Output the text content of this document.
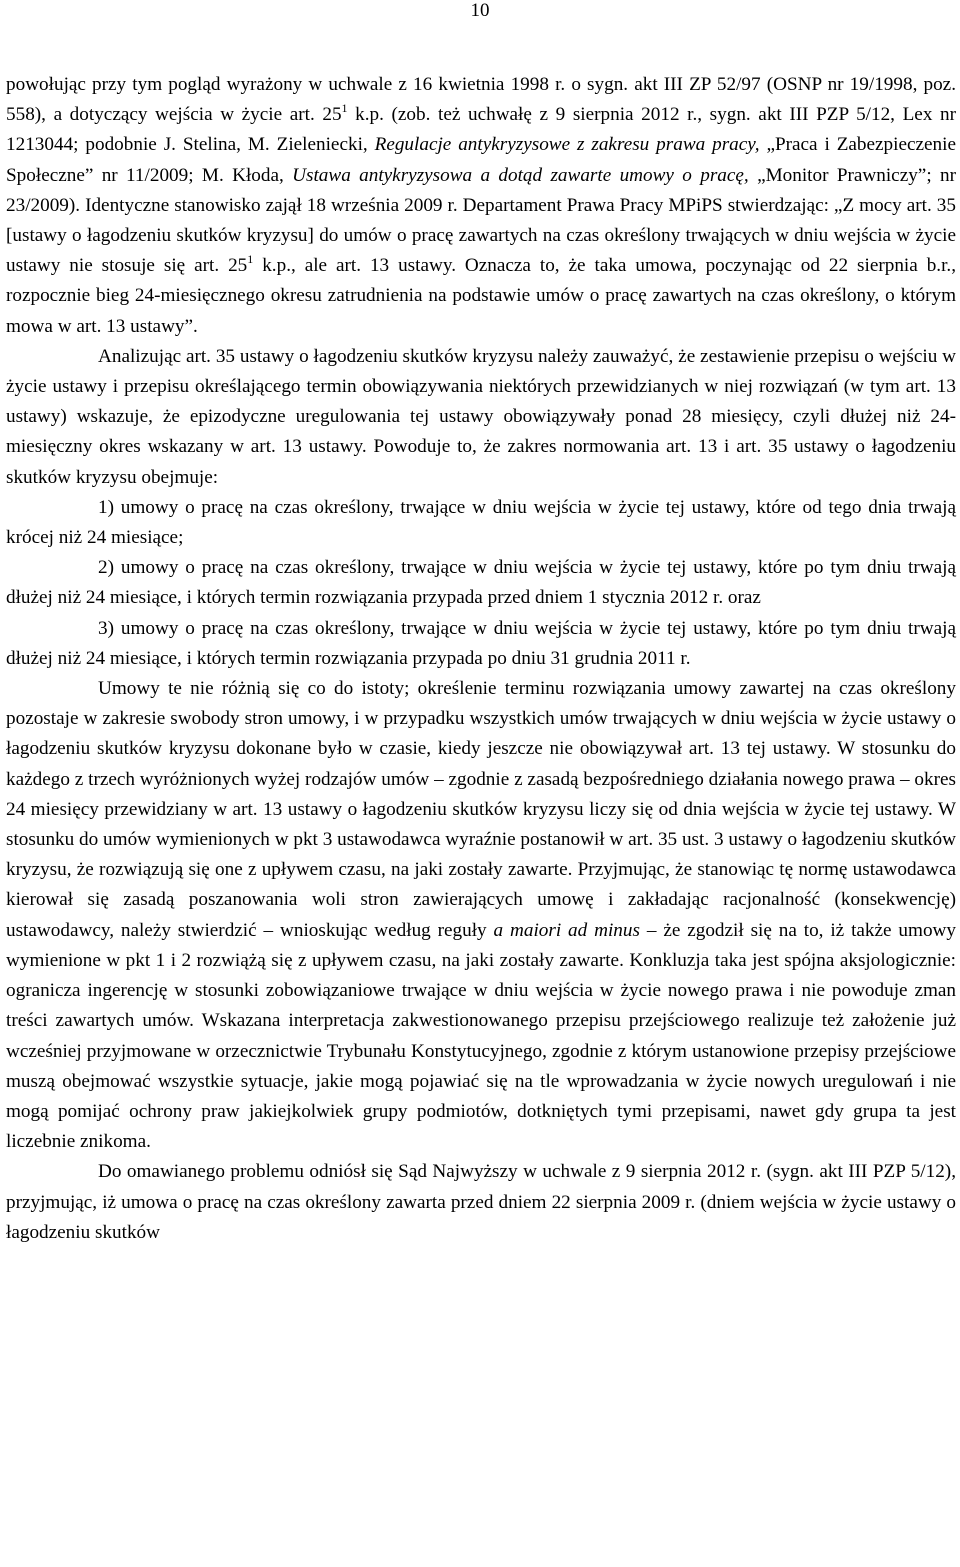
10

powołując przy tym pogląd wyrażony w uchwale z 16 kwietnia 1998 r. o sygn. akt III ZP 52/97 (OSNP nr 19/1998, poz. 558), a dotyczący wejścia w życie art. $25^1$ k.p. (zob. też uchwałę z 9 sierpnia 2012 r., sygn. akt III PZP 5/12, Lex nr 1213044; podobnie J. Stelina, M. Zieleniecki, Regulacje antykryzysowe z zakresu prawa pracy, „Praca i Zabezpieczenie Społeczne” nr 11/2009; M. Kłoda, Ustawa antykryzysowa a dotąd zawarte umowy o pracę, „Monitor Prawniczy”; nr 23/2009). Identyczne stanowisko zajął 18 września 2009 r. Departament Prawa Pracy MPiPS stwierdzając: „Z mocy art. 35 [ustawy o łagodzeniu skutków kryzysu] do umów o pracę zawartych na czas określony trwających w dniu wejścia w życie ustawy nie stosuje się art. $25^1$ k.p., ale art. 13 ustawy. Oznacza to, że taka umowa, poczynając od 22 sierpnia b.r., rozpocznie bieg 24-miesięcznego okresu zatrudnienia na podstawie umów o pracę zawartych na czas określony, o którym mowa w art. 13 ustawy”.

Analizując art. 35 ustawy o łagodzeniu skutków kryzysu należy zauważyć, że zestawienie przepisu o wejściu w życie ustawy i przepisu określającego termin obowiązywania niektórych przewidzianych w niej rozwiązań (w tym art. 13 ustawy) wskazuje, że epizodyczne uregulowania tej ustawy obowiązywały ponad 28 miesięcy, czyli dłużej niż 24-miesięczny okres wskazany w art. 13 ustawy. Powoduje to, że zakres normowania art. 13 i art. 35 ustawy o łagodzeniu skutków kryzysu obejmuje:

1) umowy o pracę na czas określony, trwające w dniu wejścia w życie tej ustawy, które od tego dnia trwają krócej niż 24 miesiące;

2) umowy o pracę na czas określony, trwające w dniu wejścia w życie tej ustawy, które po tym dniu trwają dłużej niż 24 miesiące, i których termin rozwiązania przypada przed dniem 1 stycznia 2012 r. oraz

3) umowy o pracę na czas określony, trwające w dniu wejścia w życie tej ustawy, które po tym dniu trwają dłużej niż 24 miesiące, i których termin rozwiązania przypada po dniu 31 grudnia 2011 r.

Umowy te nie różnią się co do istoty; określenie terminu rozwiązania umowy zawartej na czas określony pozostaje w zakresie swobody stron umowy, i w przypadku wszystkich umów trwających w dniu wejścia w życie ustawy o łagodzeniu skutków kryzysu dokonane było w czasie, kiedy jeszcze nie obowiązywał art. 13 tej ustawy. W stosunku do każdego z trzech wyróżnionych wyżej rodzajów umów – zgodnie z zasadą bezpośredniego działania nowego prawa – okres 24 miesięcy przewidziany w art. 13 ustawy o łagodzeniu skutków kryzysu liczy się od dnia wejścia w życie tej ustawy. W stosunku do umów wymienionych w pkt 3 ustawodawca wyraźnie postanowił w art. 35 ust. 3 ustawy o łagodzeniu skutków kryzysu, że rozwiązują się one z upływem czasu, na jaki zostały zawarte. Przyjmując, że stanowiąc tę normę ustawodawca kierował się zasadą poszanowania woli stron zawierających umowę i zakładając racjonalność (konsekwencję) ustawodawcy, należy stwierdzić – wnioskując według reguły a maiori ad minus – że zgodził się na to, iż także umowy wymienione w pkt 1 i 2 rozwiążą się z upływem czasu, na jaki zostały zawarte. Konkluzja taka jest spójna aksjologicznie: ogranicza ingerencję w stosunki zobowiązaniowe trwające w dniu wejścia w życie nowego prawa i nie powoduje zman treści zawartych umów. Wskazana interpretacja zakwestionowanego przepisu przejściowego realizuje też założenie już wcześniej przyjmowane w orzecznictwie Trybunału Konstytucyjnego, zgodnie z którym ustanowione przepisy przejściowe muszą obejmować wszystkie sytuacje, jakie mogą pojawiać się na tle wprowadzania w życie nowych uregulowań i nie mogą pomijać ochrony praw jakiejkolwiek grupy podmiotów, dotkniętych tymi przepisami, nawet gdy grupa ta jest liczebnie znikoma.

Do omawianego problemu odniósł się Sąd Najwyższy w uchwale z 9 sierpnia 2012 r. (sygn. akt III PZP 5/12), przyjmując, iż umowa o pracę na czas określony zawarta przed dniem 22 sierpnia 2009 r. (dniem wejścia w życie ustawy o łagodzeniu skutków
